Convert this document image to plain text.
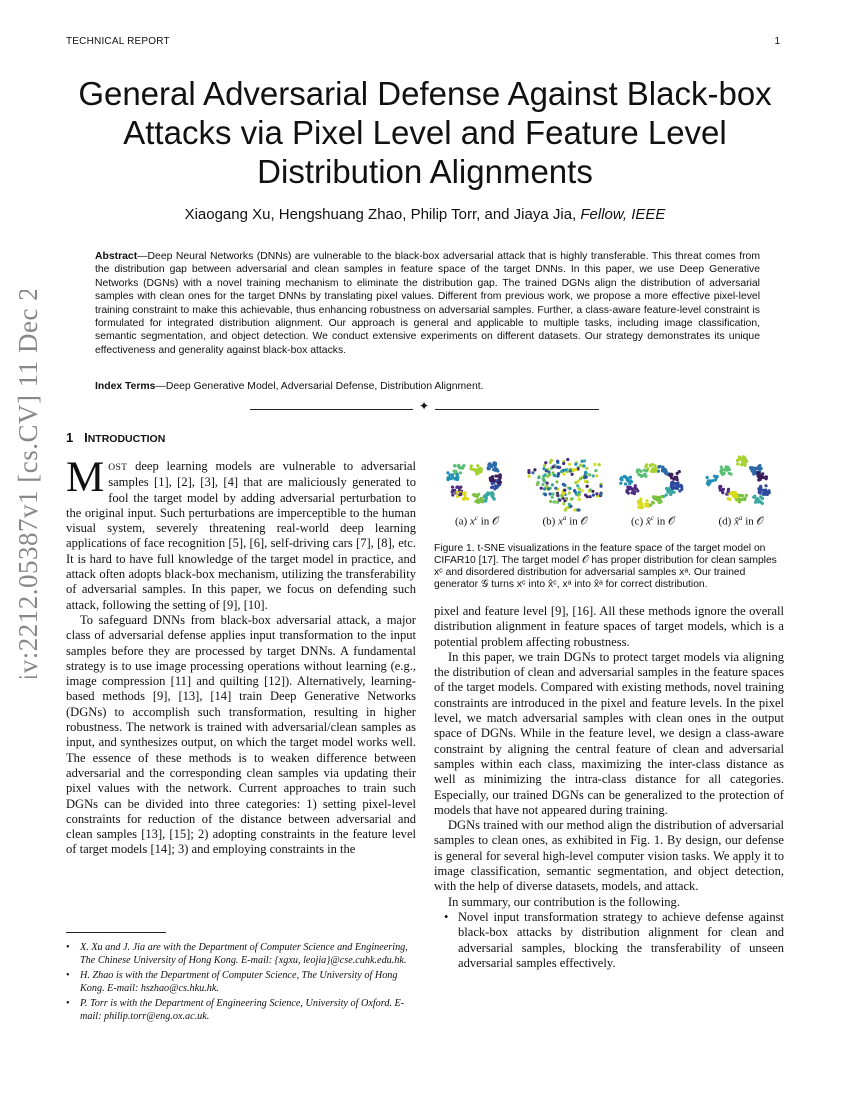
TECHNICAL REPORT	1
General Adversarial Defense Against Black-box
Attacks via Pixel Level and Feature Level
Distribution Alignments
Xiaogang Xu, Hengshuang Zhao, Philip Torr, and Jiaya Jia, Fellow, IEEE

Abstract—Deep Neural Networks (DNNs) are vulnerable to the black-box adversarial attack that is highly transferable. This threat comes from the distribution gap between adversarial and clean samples in feature space of the target DNNs. In this paper, we use Deep Generative Networks (DGNs) with a novel training mechanism to eliminate the distribution gap. The trained DGNs align the distribution of adversarial samples with clean ones for the target DNNs by translating pixel values. Different from previous work, we propose a more effective pixel-level training constraint to make this achievable, thus enhancing robustness on adversarial samples. Further, a class-aware feature-level constraint is formulated for integrated distribution alignment. Our approach is general and applicable to multiple tasks, including image classification, semantic segmentation, and object detection. We conduct extensive experiments on different datasets. Our strategy demonstrates its unique effectiveness and generality against black-box attacks.

Index Terms—Deep Generative Model, Adversarial Defense, Distribution Alignment.
✦
arXiv:2212.05387v1 [cs.CV] 11 Dec 2022 1 INTRODUCTION

MOST deep learning models are vulnerable to adversarial samples [1], [2], [3], [4] that are maliciously generated to fool the target model by adding adversarial perturbation to the original input. Such perturbations are imperceptible to the human visual system, severely threatening real-world deep learning applications of face recognition [5], [6], self-driving cars [7], [8], etc. It is hard to have full knowledge of the target model in practice, and attack often adopts black-box mechanism, utilizing the transferability of adversarial samples. In this paper, we focus on defending such attack, following the setting of [9], [10].

To safeguard DNNs from black-box adversarial attack, a major class of adversarial defense applies input transformation to the input samples before they are processed by target DNNs. A fundamental strategy is to use image processing operations without learning (e.g., image compression [11] and quilting [12]). Alternatively, learning-based methods [9], [13], [14] train Deep Generative Networks (DGNs) to accomplish such transformation, resulting in higher robustness. The network is trained with adversarial/clean samples as input, and synthesizes output, on which the target model works well. The essence of these methods is to weaken difference between adversarial and the corresponding clean samples via updating their pixel values with the network. Current approaches to train such DGNs can be divided into three categories: 1) setting pixel-level constraints for reduction of the distance between adversarial and clean samples [13], [15]; 2) adopting constraints in the feature level of target models [14]; 3) and employing constraints in the

• X. Xu and J. Jia are with the Department of Computer Science and Engineering, The Chinese University of Hong Kong. E-mail: {xgxu, leojia}@cse.cuhk.edu.hk.
• H. Zhao is with the Department of Computer Science, The University of Hong Kong. E-mail: hszhao@cs.hku.hk.
• P. Torr is with the Department of Engineering Science, University of Oxford. E-mail: philip.torr@eng.ox.ac.uk.
(a) $x^c$ in 𝒪	(b) $x^a$ in 𝒪	(c) x̂$^c$ in 𝒪	(d) x̂$^a$ in 𝒪

Figure 1. t-SNE visualizations in the feature space of the target model on CIFAR10 [17]. The target model 𝒪 has proper distribution for clean samples xᶜ and disordered distribution for adversarial samples xᵃ. Our trained generator 𝒢 turns xᶜ into x̂ᶜ, xᵃ into x̂ᵃ for correct distribution.

pixel and feature level [9], [16]. All these methods ignore the overall distribution alignment in feature spaces of target models, which is a potential problem affecting robustness.

In this paper, we train DGNs to protect target models via aligning the distribution of clean and adversarial samples in the feature spaces of the target models. Compared with existing methods, novel training constraints are introduced in the pixel and feature levels. In the pixel level, we match adversarial samples with clean ones in the output space of DGNs. While in the feature level, we design a class-aware constraint by aligning the central feature of clean and adversarial samples within each class, maximizing the inter-class distance as well as minimizing the intra-class distance for all categories. Especially, our trained DGNs can be generalized to the protection of models that have not appeared during training.

DGNs trained with our method align the distribution of adversarial samples to clean ones, as exhibited in Fig. 1. By design, our defense is general for several high-level computer vision tasks. We apply it to image classification, semantic segmentation, and object detection, with the help of diverse datasets, models, and attack.

In summary, our contribution is the following.

• Novel input transformation strategy to achieve defense against black-box attacks by distribution alignment for clean and adversarial samples, blocking the transferability of unseen adversarial samples effectively.
